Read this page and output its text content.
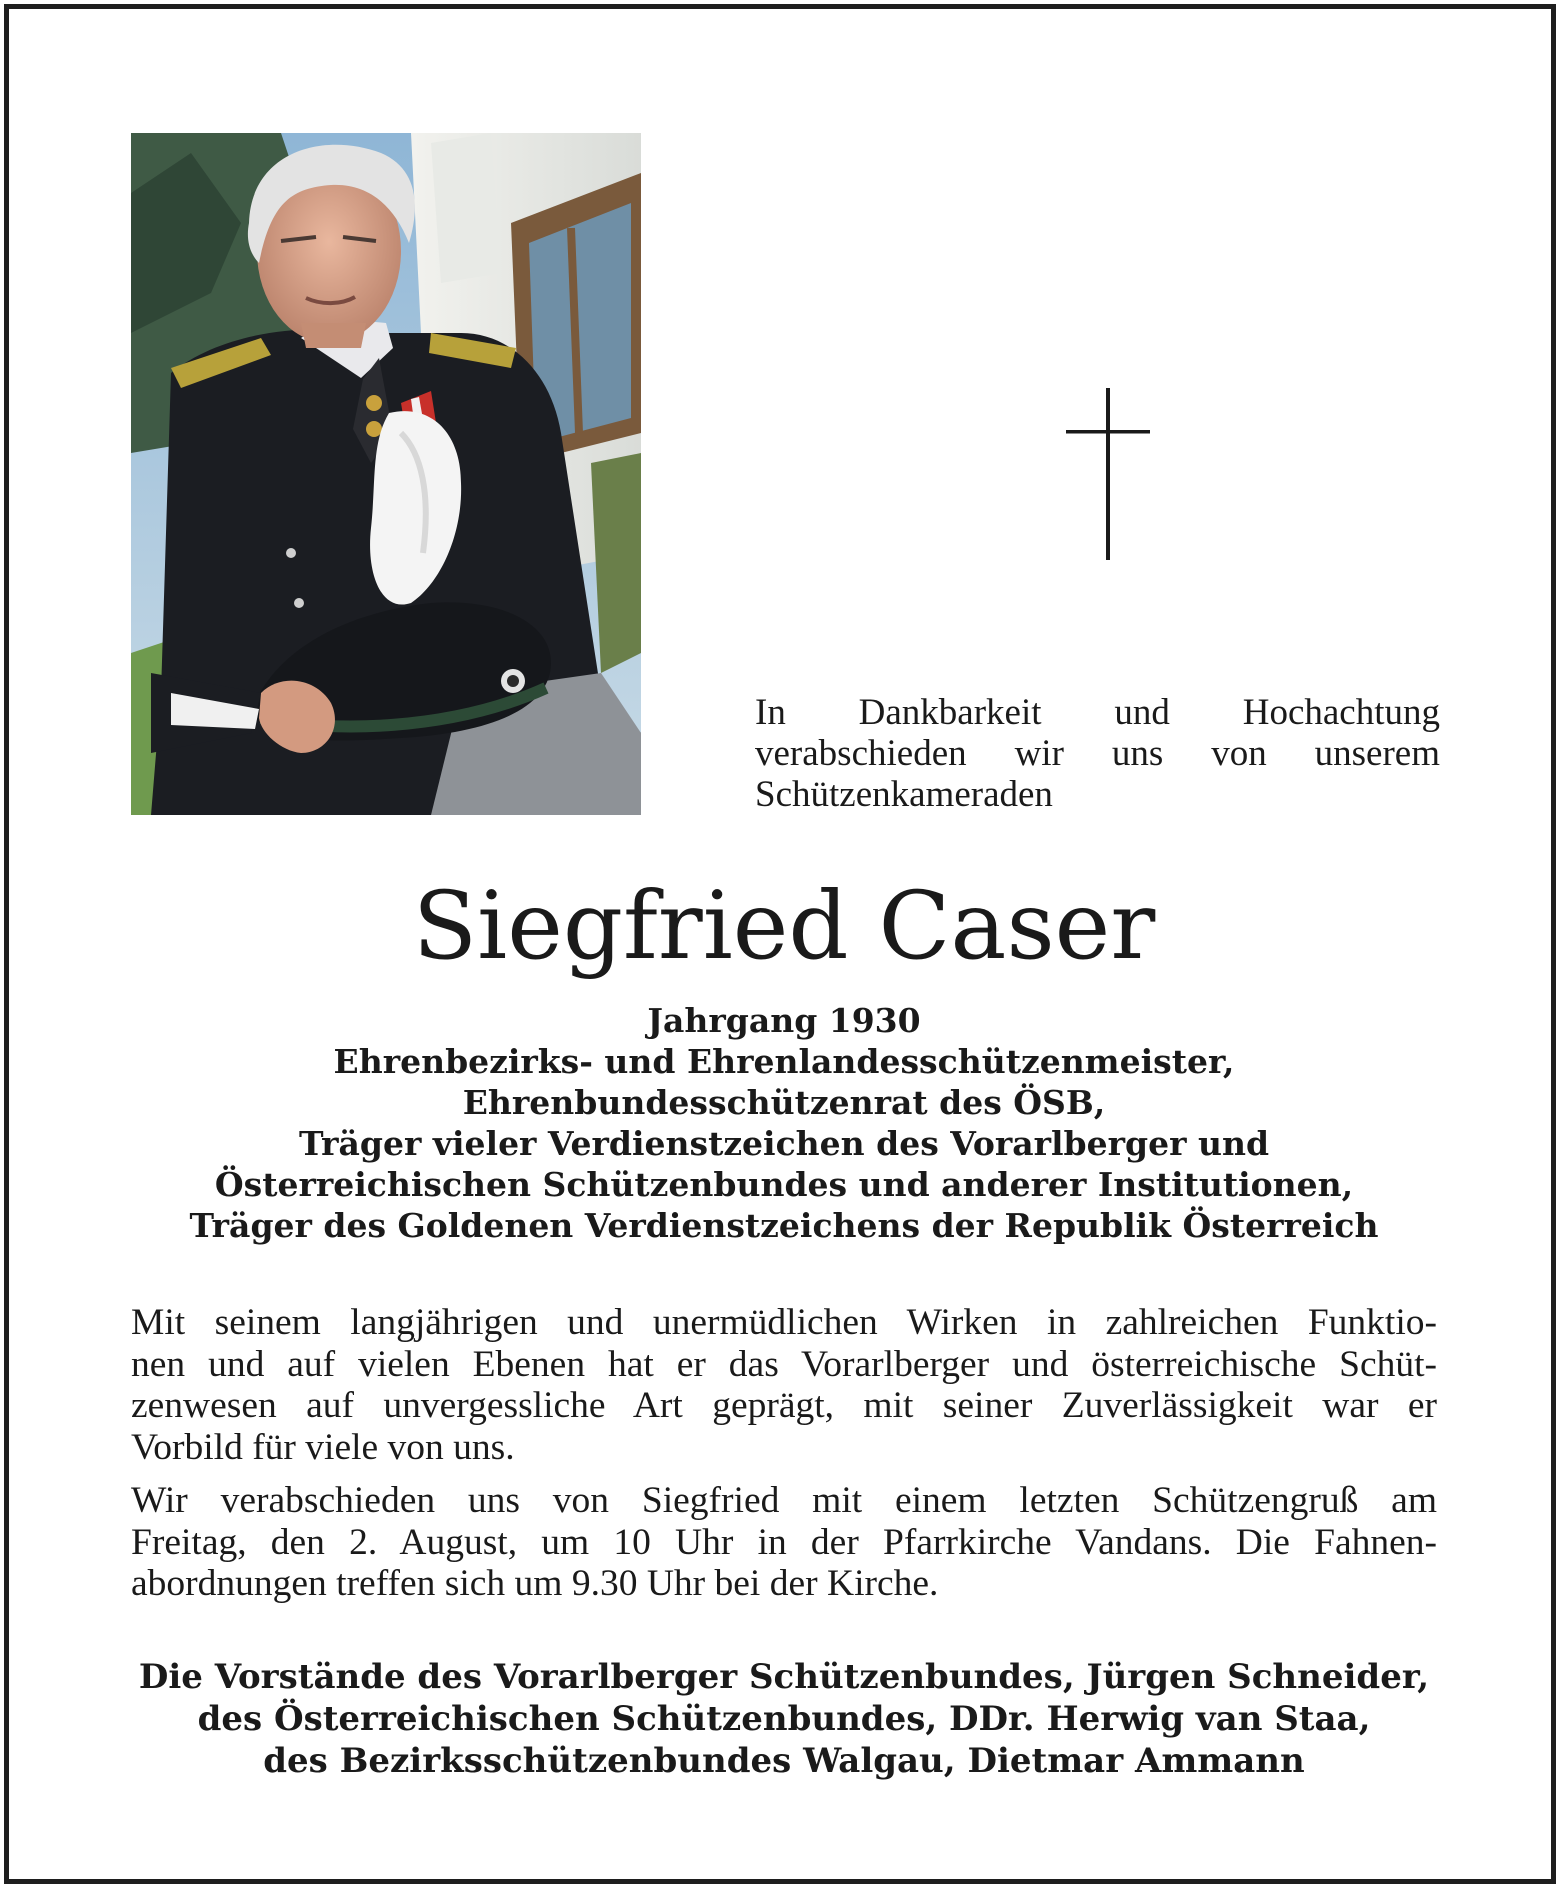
In Dankbarkeit und Hochachtung
verabschieden wir uns von unserem
Schützenkameraden
Siegfried Caser
Jahrgang 1930
Ehrenbezirks- und Ehrenlandesschützenmeister,
Ehrenbundesschützenrat des ÖSB,
Träger vieler Verdienstzeichen des Vorarlberger und
Österreichischen Schützenbundes und anderer Institutionen,
Träger des Goldenen Verdienstzeichens der Republik Österreich
Mit seinem langjährigen und unermüdlichen Wirken in zahlreichen Funktio-
nen und auf vielen Ebenen hat er das Vorarlberger und österreichische Schüt-
zenwesen auf unvergessliche Art geprägt, mit seiner Zuverlässigkeit war er
Vorbild für viele von uns.
Wir verabschieden uns von Siegfried mit einem letzten Schützengruß am
Freitag, den 2. August, um 10 Uhr in der Pfarrkirche Vandans. Die Fahnen-
abordnungen treffen sich um 9.30 Uhr bei der Kirche.
Die Vorstände des Vorarlberger Schützenbundes, Jürgen Schneider,
des Österreichischen Schützenbundes, DDr. Herwig van Staa,
des Bezirksschützenbundes Walgau, Dietmar Ammann
